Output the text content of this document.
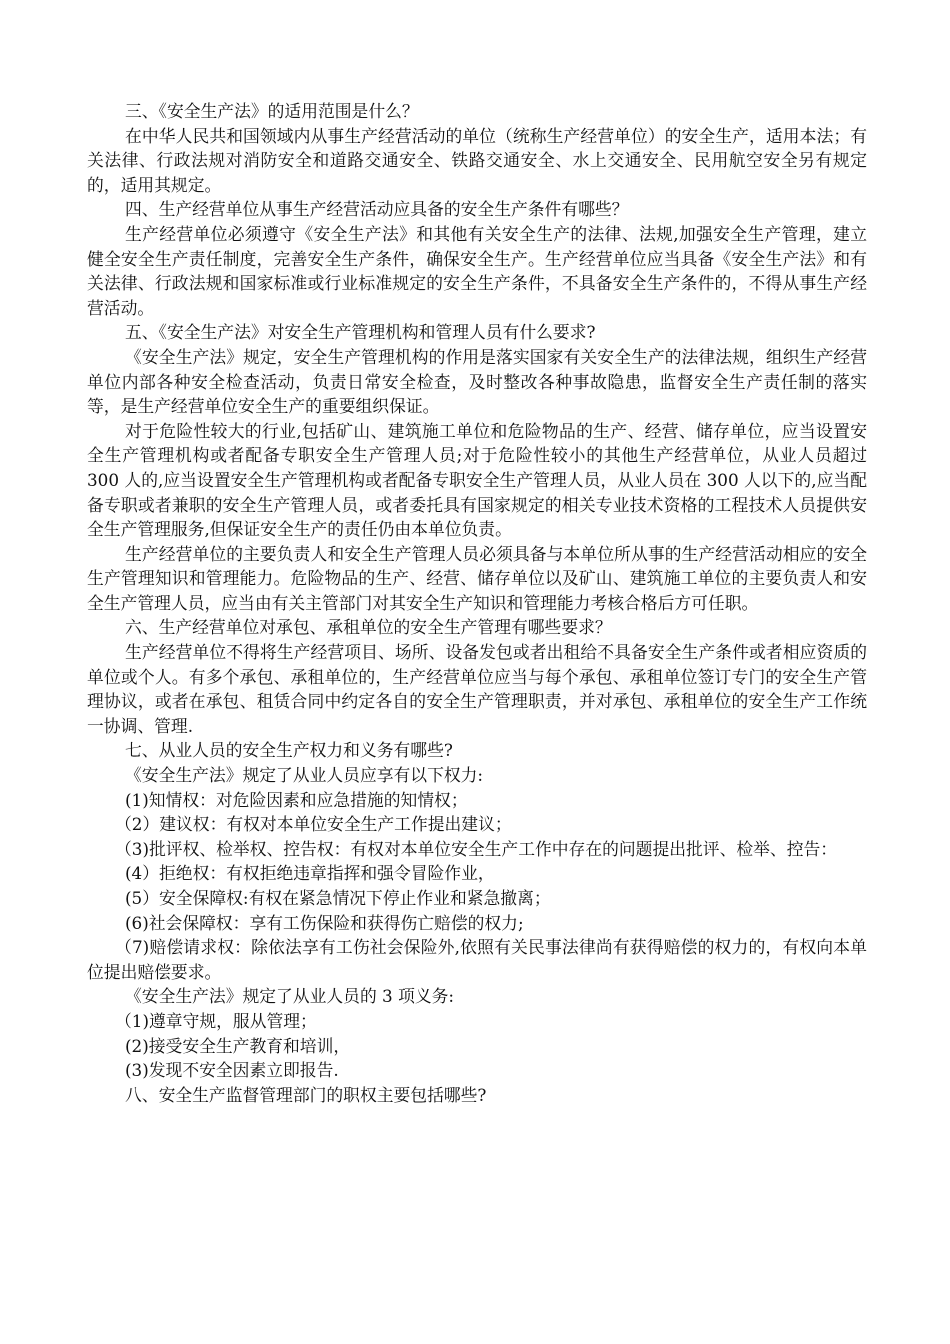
三、《安全生产法》的适用范围是什么？

在中华人民共和国领域内从事生产经营活动的单位（统称生产经营单位）的安全生产，适用本法；有关法律、行政法规对消防安全和道路交通安全、铁路交通安全、水上交通安全、民用航空安全另有规定的，适用其规定。

四、生产经营单位从事生产经营活动应具备的安全生产条件有哪些？

生产经营单位必须遵守《安全生产法》和其他有关安全生产的法律、法规,加强安全生产管理，建立健全安全生产责任制度，完善安全生产条件，确保安全生产。生产经营单位应当具备《安全生产法》和有关法律、行政法规和国家标准或行业标准规定的安全生产条件，不具备安全生产条件的，不得从事生产经营活动。

五、《安全生产法》对安全生产管理机构和管理人员有什么要求?

《安全生产法》规定，安全生产管理机构的作用是落实国家有关安全生产的法律法规，组织生产经营单位内部各种安全检查活动，负责日常安全检查，及时整改各种事故隐患，监督安全生产责任制的落实等，是生产经营单位安全生产的重要组织保证。

对于危险性较大的行业,包括矿山、建筑施工单位和危险物品的生产、经营、储存单位，应当设置安全生产管理机构或者配备专职安全生产管理人员;对于危险性较小的其他生产经营单位，从业人员超过 300 人的,应当设置安全生产管理机构或者配备专职安全生产管理人员，从业人员在 300 人以下的,应当配备专职或者兼职的安全生产管理人员，或者委托具有国家规定的相关专业技术资格的工程技术人员提供安全生产管理服务,但保证安全生产的责任仍由本单位负责。

生产经营单位的主要负责人和安全生产管理人员必须具备与本单位所从事的生产经营活动相应的安全生产管理知识和管理能力。危险物品的生产、经营、储存单位以及矿山、建筑施工单位的主要负责人和安全生产管理人员，应当由有关主管部门对其安全生产知识和管理能力考核合格后方可任职。

六、生产经营单位对承包、承租单位的安全生产管理有哪些要求？

生产经营单位不得将生产经营项目、场所、设备发包或者出租给不具备安全生产条件或者相应资质的单位或个人。有多个承包、承租单位的，生产经营单位应当与每个承包、承租单位签订专门的安全生产管理协议，或者在承包、租赁合同中约定各自的安全生产管理职责，并对承包、承租单位的安全生产工作统一协调、管理.

七、从业人员的安全生产权力和义务有哪些?

《安全生产法》规定了从业人员应享有以下权力:

(1)知情权：对危险因素和应急措施的知情权；

（2）建议权：有权对本单位安全生产工作提出建议；

（3)批评权、检举权、控告权：有权对本单位安全生产工作中存在的问题提出批评、检举、控告：

(4）拒绝权：有权拒绝违章指挥和强令冒险作业，

(5）安全保障权:有权在紧急情况下停止作业和紧急撤离；

(6)社会保障权：享有工伤保险和获得伤亡赔偿的权力;

（7)赔偿请求权：除依法享有工伤社会保险外,依照有关民事法律尚有获得赔偿的权力的，有权向本单位提出赔偿要求。

《安全生产法》规定了从业人员的 3 项义务:

（1)遵章守规，服从管理；

(2)接受安全生产教育和培训，

(3)发现不安全因素立即报告.

八、安全生产监督管理部门的职权主要包括哪些?
